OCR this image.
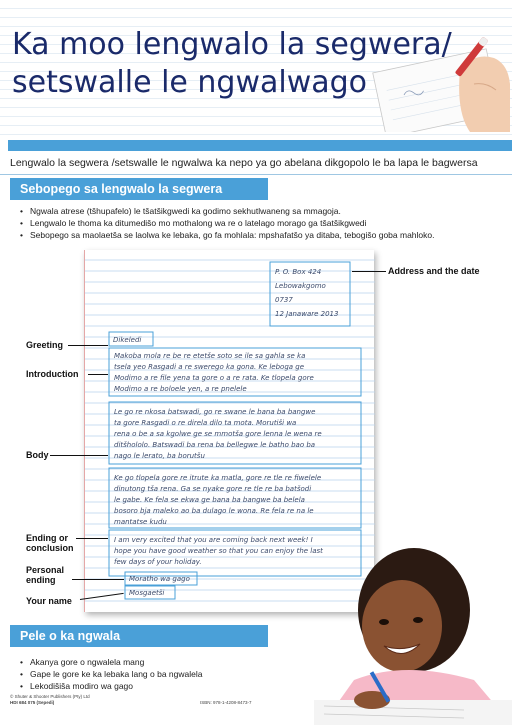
Ka moo lengwalo la segwera/
setswalle le ngwalwago
Lengwalo la segwera /setswalle le ngwalwa ka nepo ya go abelana dikgopolo le ba lapa le bagwersa
Sebopego sa lengwalo la segwera
• Ngwala atrese (tšhupafelo) le tšatšikgwedi ka godimo sekhutlwaneng sa mmagoja.
• Lengwalo le thoma ka ditumedišo mo mothalong wa re o latelago morago ga tšatšikgwedi
• Sebopego sa maolaetša se laolwa ke lebaka, go fa mohlala: mpshafatšo ya ditaba, tebogišo goba mahloko.
P. O. Box 424
Lebowakgomo
0737
12 Janaware 2013
Dikeledi
Makoba mola re be re etetše soto se ile sa gahla se ka
tsela yeo Rasgadi a re swerego ka gona. Ke leboga ge
Modimo a re file yena ta gore o a re rata. Ke tlopela gore
Modimo a re boloele yen, a re pnelele
Le go re nkosa batswadi, go re swane le bana ba bangwe
ta gore Rasgadi o re direla dilo ta mota. Morutiši wa
rena o be a sa kgolwe ge se mmotša gore lenna le wena re
ditšhololo. Batswadi ba rena ba bellegwe le batho bao ba
nago le lerato, ba borutšu
Ke go tlopela gore re itrute ka matla, gore re tle re fiwelele
dinutong tša rena. Ga se nyake gore re tle re ba batšodi
le gabe. Ke fela se ekwa ge bana ba bangwe ba belela
bosoro bja maleko ao ba dulago le wona. Re fela re na le
mantatse kudu
I am very excited that you are coming back next week! I
hope you have good weather so that you can enjoy the last
few days of your holiday.
Moratho wa gago
Mosgaetši
Address and the date
Greeting
Introduction
Body
Ending or conclusion
Personal ending
Your name
Pele o ka ngwala
• Akanya gore o ngwalela mang
• Gape le gore ke ka lebaka lang o ba ngwalela
• Lekodišiša modiro wa gago
© Shuter & Shooter Publishers (Pty) Ltd
HDI 684 075 (Sepedi)	ISBN: 978-1-4208-8473-7
